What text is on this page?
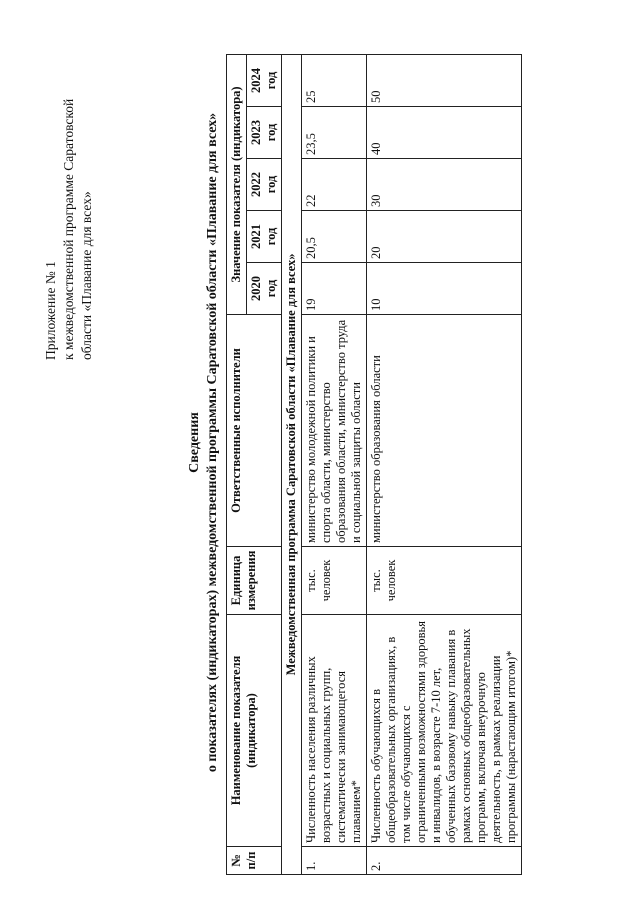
Приложение № 1 к межведомственной программе Саратовской области «Плавание для всех»
Сведения о показателях (индикаторах) межведомственной программы Саратовской области «Плавание для всех»
№ п/п	Наименование показателя (индикатора)	Единица измерения	Ответственные исполнители	Значение показателя (индикатора)				
				2020 год	2021 год	2022 год	2023 год	2024 год
Межведомственная программа Саратовской области «Плавание для всех»								
1.	Численность населения различных возрастных и социальных групп, систематически занимающегося плаванием*	тыс. человек	министерство молодежной политики и спорта области, министерство образования области, министерство труда и социальной защиты области	19	20,5	22	23,5	25
2.	Численность обучающихся в общеобразовательных организациях, в том числе обучающихся с ограниченными возможностями здоровья и инвалидов, в возрасте 7-10 лет, обученных базовому навыку плавания в рамках основных общеобразовательных программ, включая внеурочную деятельность, в рамках реализации программы (нарастающим итогом)*	тыс. человек	министерство образования области	10	20	30	40	50
